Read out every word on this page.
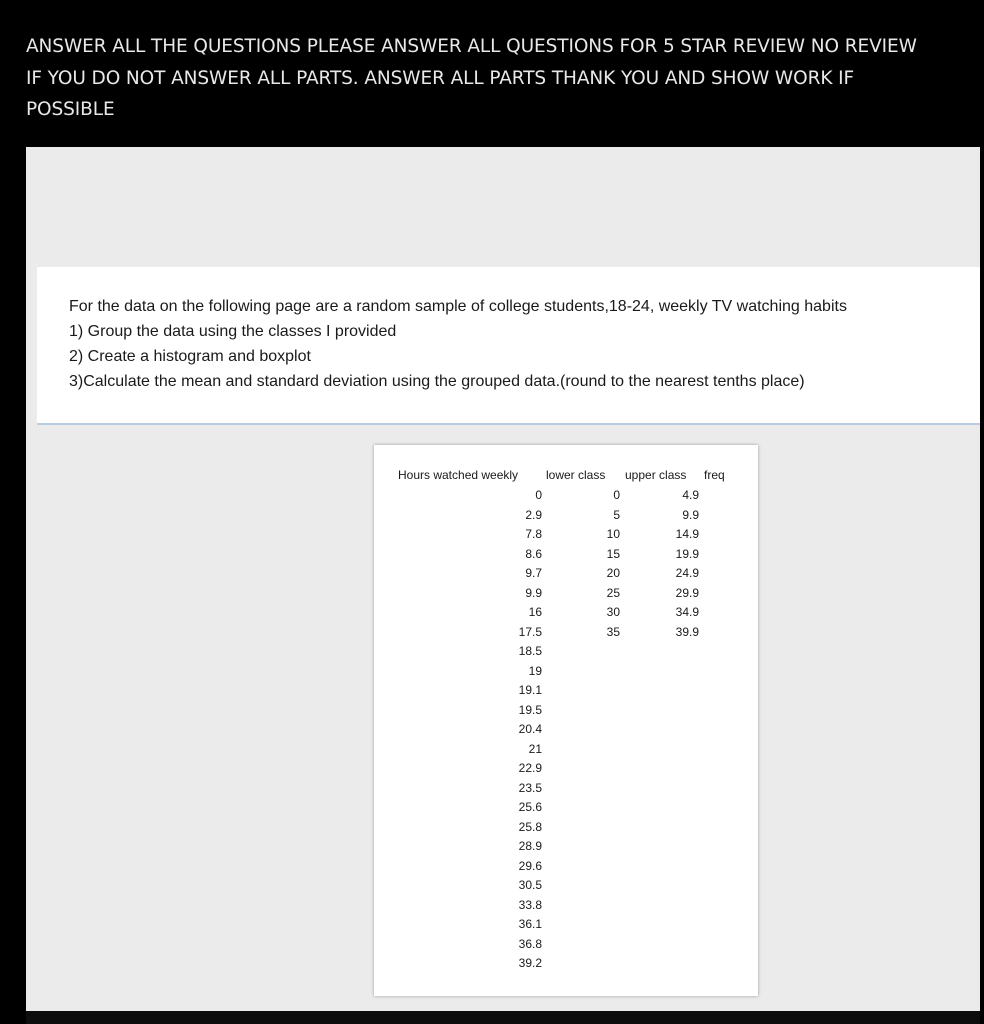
ANSWER ALL THE QUESTIONS PLEASE ANSWER ALL QUESTIONS FOR 5 STAR REVIEW NO REVIEW
IF YOU DO NOT ANSWER ALL PARTS. ANSWER ALL PARTS THANK YOU AND SHOW WORK IF
POSSIBLE
For the data on the following page are a random sample of college students,18-24, weekly TV watching habits
1) Group the data using the classes I provided
2) Create a histogram and boxplot
3)Calculate the mean and standard deviation using the grouped data.(round to the nearest tenths place)
Hours watched weekly lower class upper class freq
0
2.9
7.8
8.6
9.7
9.9
16
17.5
18.5
19
19.1
19.5
20.4
21
22.9
23.5
25.6
25.8
28.9
29.6
30.5
33.8
36.1
36.8
39.2
0
5
10
15
20
25
30
35
4.9
9.9
14.9
19.9
24.9
29.9
34.9
39.9
